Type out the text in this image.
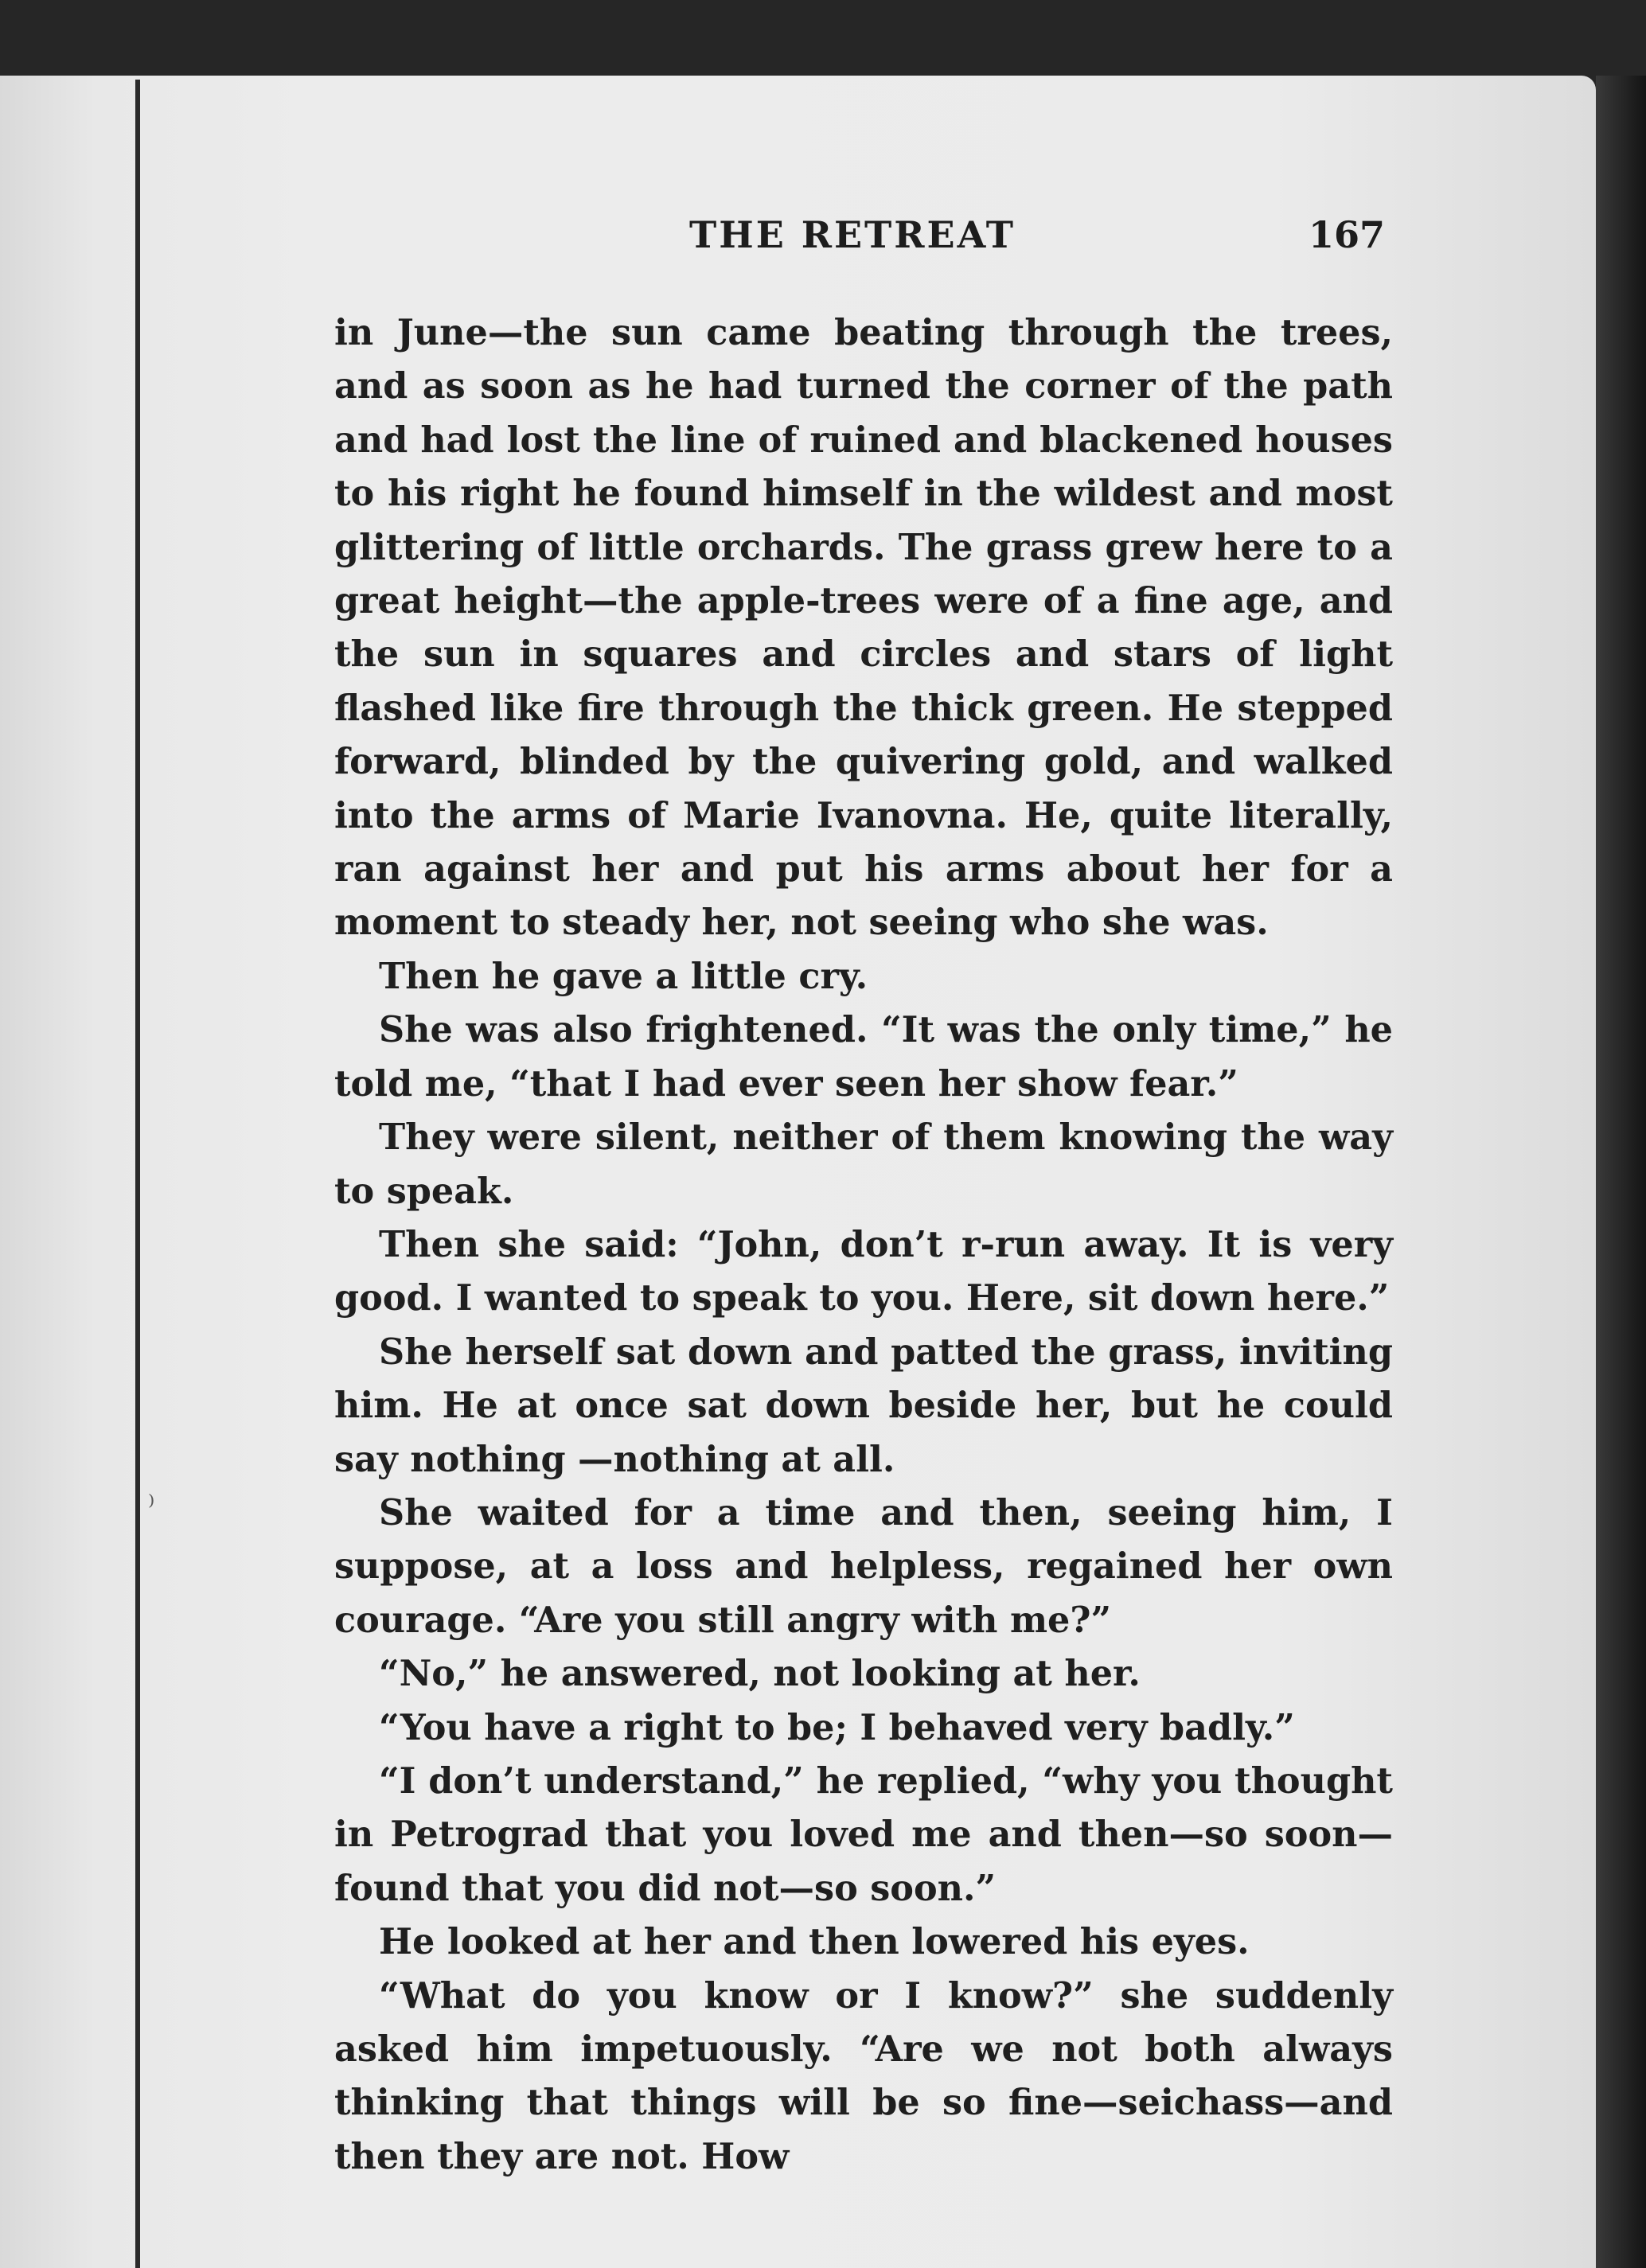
⁾
THE RETREAT	167

in June—the sun came beating through the trees, and as soon as he had turned the corner of the path and had lost the line of ruined and blackened houses to his right he found himself in the wildest and most glittering of little orchards. The grass grew here to a great height—the apple-trees were of a fine age, and the sun in squares and circles and stars of light flashed like fire through the thick green. He stepped forward, blinded by the quivering gold, and walked into the arms of Marie Ivanovna. He, quite literally, ran against her and put his arms about her for a moment to steady her, not seeing who she was.

Then he gave a little cry.

She was also frightened. “It was the only time,” he told me, “that I had ever seen her show fear.”

They were silent, neither of them knowing the way to speak.

Then she said: “John, don’t r-run away. It is very good. I wanted to speak to you. Here, sit down here.”

She herself sat down and patted the grass, inviting him. He at once sat down beside her, but he could say nothing —nothing at all.

She waited for a time and then, seeing him, I suppose, at a loss and helpless, regained her own courage. “Are you still angry with me?”

“No,” he answered, not looking at her.

“You have a right to be; I behaved very badly.”

“I don’t understand,” he replied, “why you thought in Petrograd that you loved me and then—so soon—found that you did not—so soon.”

He looked at her and then lowered his eyes.

“What do you know or I know?” she suddenly asked him impetuously. “Are we not both always thinking that things will be so fine—seichass—and then they are not. How
